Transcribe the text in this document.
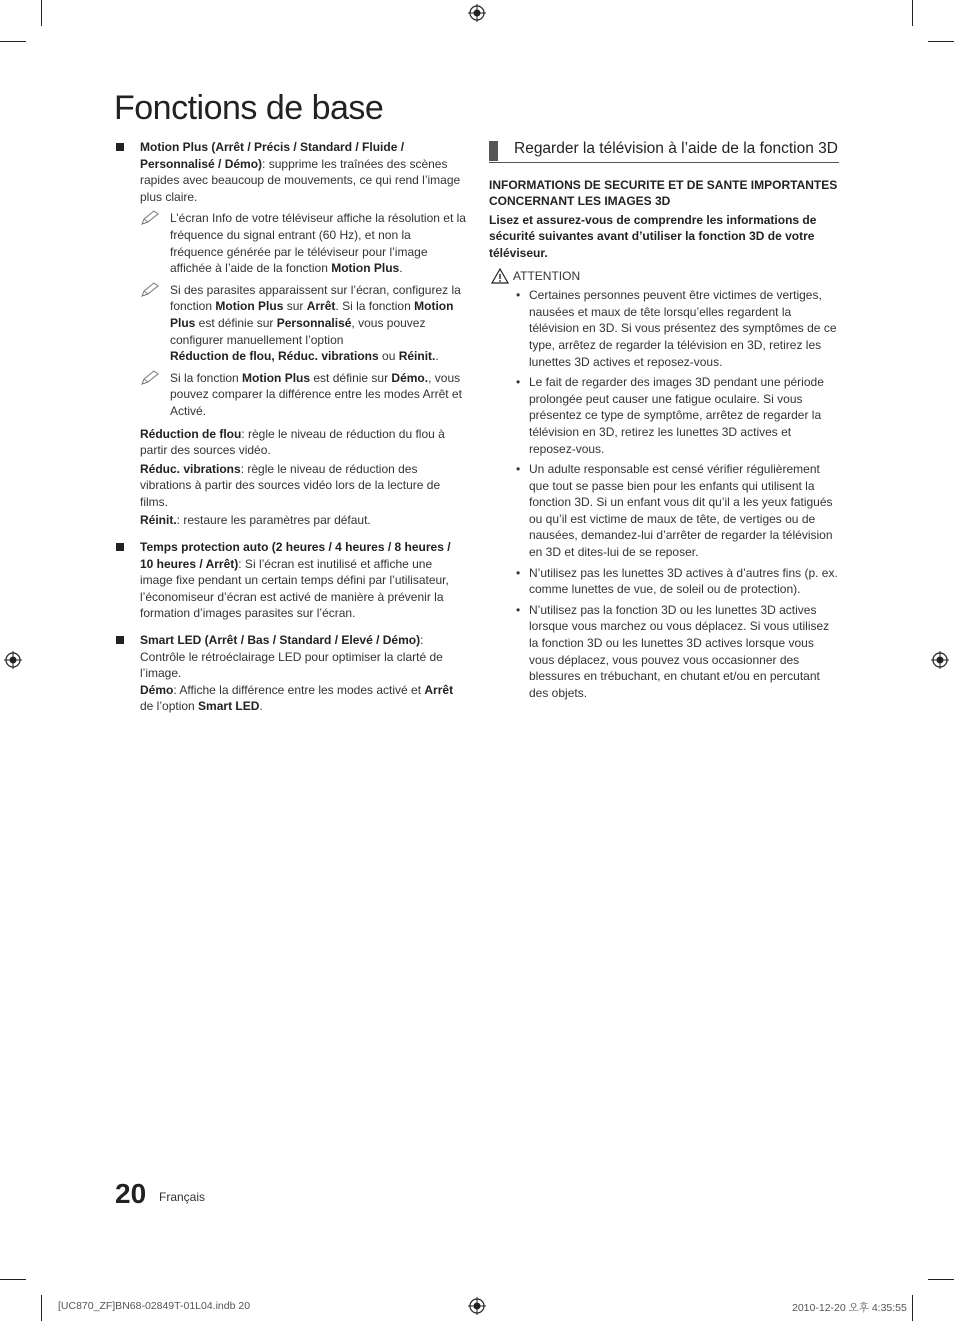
Fonctions de base
Motion Plus (Arrêt / Précis / Standard / Fluide / Personnalisé / Démo): supprime les traînées des scènes rapides avec beaucoup de mouvements, ce qui rend l’image plus claire.
L’écran Info de votre téléviseur affiche la résolution et la fréquence du signal entrant (60 Hz), et non la fréquence générée par le téléviseur pour l’image affichée à l’aide de la fonction Motion Plus.
Si des parasites apparaissent sur l’écran, configurez la fonction Motion Plus sur Arrêt. Si la fonction Motion Plus est définie sur Personnalisé, vous pouvez configurer manuellement l’option
Réduction de flou, Réduc. vibrations ou Réinit..
Si la fonction Motion Plus est définie sur Démo., vous pouvez comparer la différence entre les modes Arrêt et Activé.
Réduction de flou: règle le niveau de réduction du flou à partir des sources vidéo.
Réduc. vibrations: règle le niveau de réduction des vibrations à partir des sources vidéo lors de la lecture de films.
Réinit.: restaure les paramètres par défaut.
Temps protection auto (2 heures / 4 heures / 8 heures / 10 heures / Arrêt): Si l’écran est inutilisé et affiche une image fixe pendant un certain temps défini par l’utilisateur, l’économiseur d’écran est activé de manière à prévenir la formation d’images parasites sur l’écran.
Smart LED (Arrêt / Bas / Standard / Elevé / Démo): Contrôle le rétroéclairage LED pour optimiser la clarté de l’image.
Démo: Affiche la différence entre les modes activé et Arrêt de l’option Smart LED.
Regarder la télévision à l’aide de la fonction 3D
INFORMATIONS DE SECURITE ET DE SANTE IMPORTANTES CONCERNANT LES IMAGES 3D
Lisez et assurez-vous de comprendre les informations de sécurité suivantes avant d’utiliser la fonction 3D de votre téléviseur.
ATTENTION
• Certaines personnes peuvent être victimes de vertiges, nausées et maux de tête lorsqu’elles regardent la télévision en 3D. Si vous présentez des symptômes de ce type, arrêtez de regarder la télévision en 3D, retirez les lunettes 3D actives et reposez-vous.
• Le fait de regarder des images 3D pendant une période prolongée peut causer une fatigue oculaire. Si vous présentez ce type de symptôme, arrêtez de regarder la télévision en 3D, retirez les lunettes 3D actives et reposez-vous.
• Un adulte responsable est censé vérifier régulièrement que tout se passe bien pour les enfants qui utilisent la fonction 3D. Si un enfant vous dit qu’il a les yeux fatigués ou qu’il est victime de maux de tête, de vertiges ou de nausées, demandez-lui d’arrêter de regarder la télévision en 3D et dites-lui de se reposer.
• N’utilisez pas les lunettes 3D actives à d’autres fins (p. ex. comme lunettes de vue, de soleil ou de protection).
• N’utilisez pas la fonction 3D ou les lunettes 3D actives lorsque vous marchez ou vous déplacez. Si vous utilisez la fonction 3D ou les lunettes 3D actives lorsque vous vous déplacez, vous pouvez vous occasionner des blessures en trébuchant, en chutant et/ou en percutant des objets.
20 Français
[UC870_ZF]BN68-02849T-01L04.indb 20	2010-12-20 오후 4:35:55
